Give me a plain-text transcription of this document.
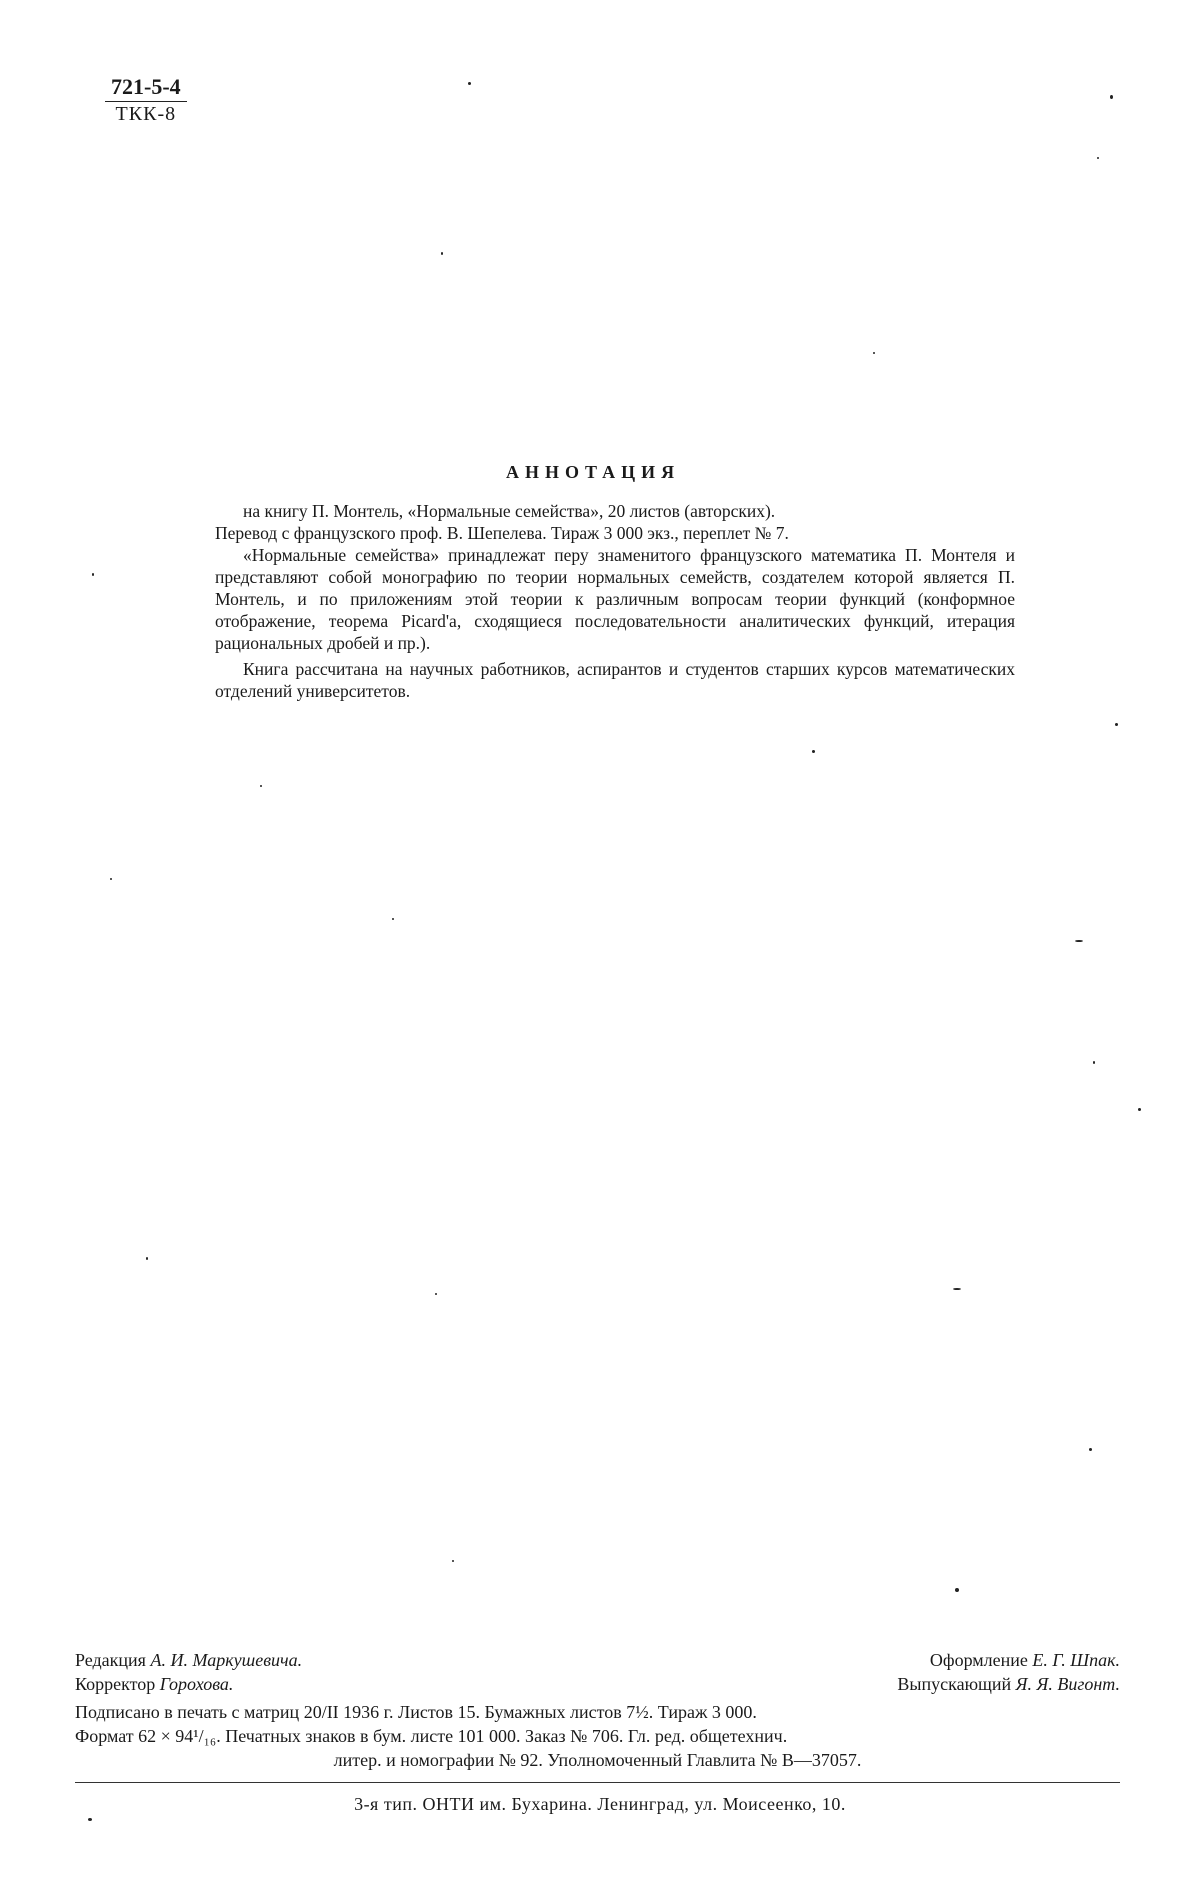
721-5-4
ТКК-8
АННОТАЦИЯ

на книгу П. Монтель, «Нормальные семейства», 20 листов (авторских).

Перевод с французского проф. В. Шепелева. Тираж 3 000 экз., переплет № 7.

«Нормальные семейства» принадлежат перу знаменитого французского математика П. Монтеля и представляют собой монографию по теории нормальных семейств, создателем которой является П. Монтель, и по приложениям этой теории к различным вопросам теории функций (конформное отображение, теорема Picard'а, сходящиеся последовательности аналитических функций, итерация рациональных дробей и пр.).

Книга рассчитана на научных работников, аспирантов и студентов старших курсов математических отделений университетов.

Редакция А. И. Маркушевича.	Оформление Е. Г. Шпак.
Корректор Горохова.	Выпускающий Я. Я. Вигонт.
Подписано в печать с матриц 20/II 1936 г. Листов 15. Бумажных листов 7½. Тираж 3 000.
Формат 62 × 94¹/₁₆. Печатных знаков в бум. листе 101 000. Заказ № 706. Гл. ред. общетехнич.
литер. и номографии № 92. Уполномоченный Главлита № В—37057.
3-я тип. ОНТИ им. Бухарина. Ленинград, ул. Моисеенко, 10.
